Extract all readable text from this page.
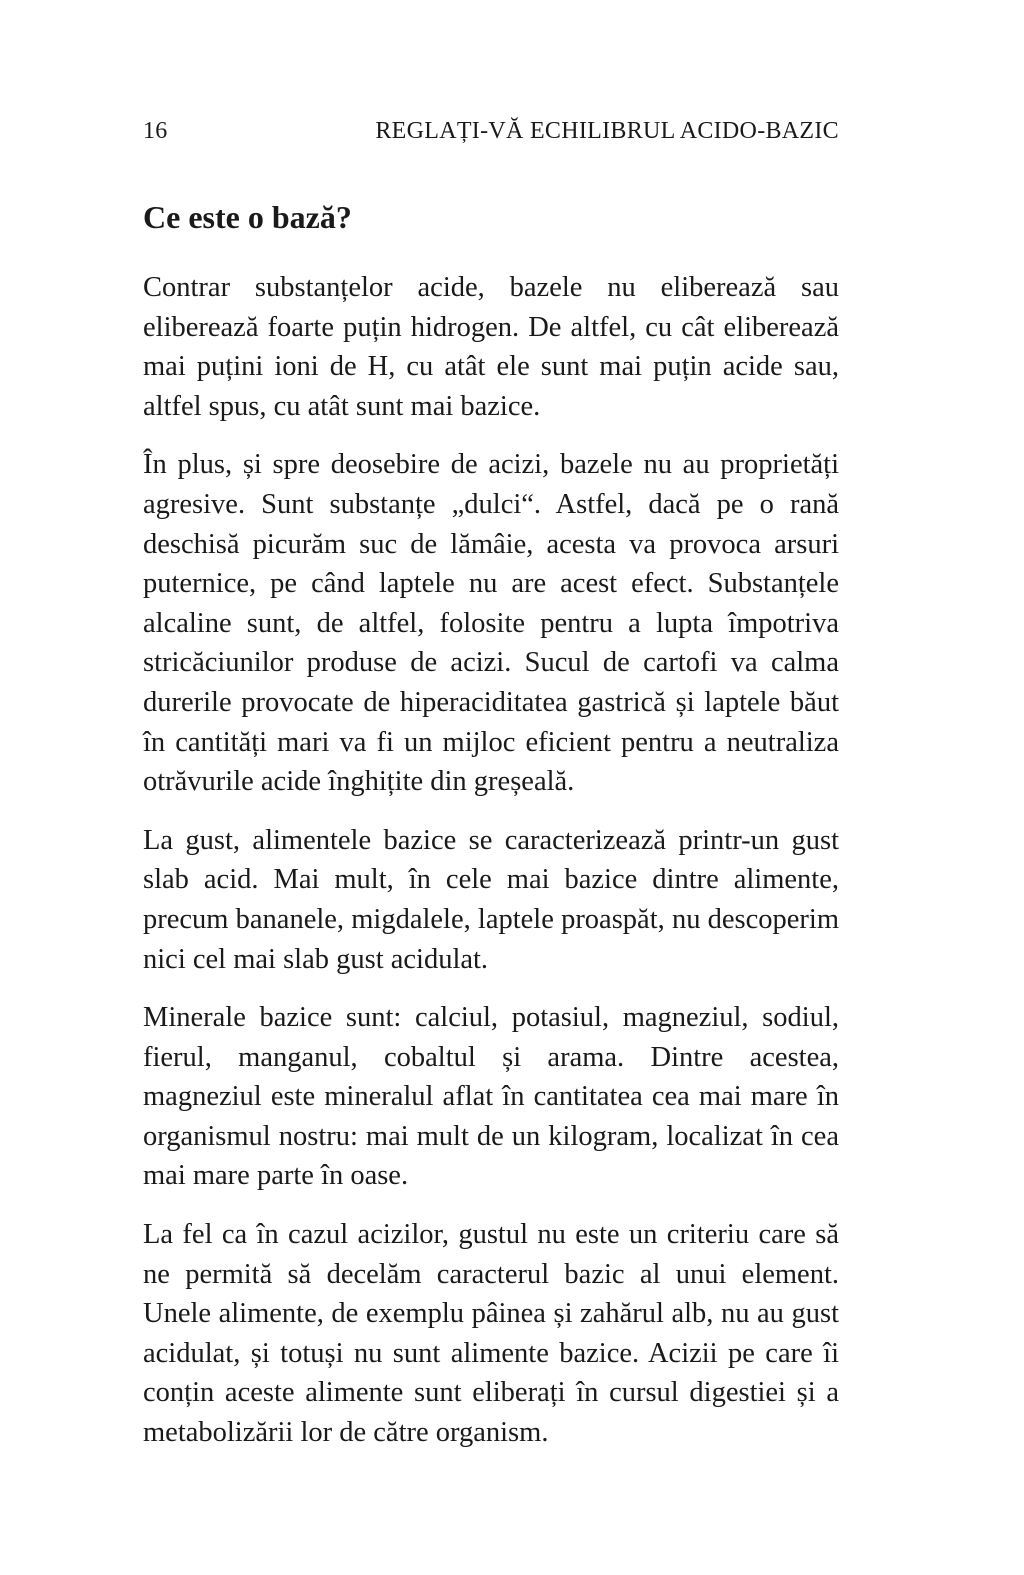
16	REGLAȚI-VĂ ECHILIBRUL ACIDO-BAZIC
Ce este o bază?

Contrar substanțelor acide, bazele nu eliberează sau eliberează foarte puțin hidrogen. De altfel, cu cât eliberează mai puțini ioni de H, cu atât ele sunt mai puțin acide sau, altfel spus, cu atât sunt mai bazice.

În plus, și spre deosebire de acizi, bazele nu au proprietăți agresive. Sunt substanțe „dulci“. Astfel, dacă pe o rană deschisă picurăm suc de lămâie, acesta va provoca arsuri puternice, pe când laptele nu are acest efect. Substanțele alcaline sunt, de altfel, folosite pentru a lupta împotriva stricăciunilor produse de acizi. Sucul de cartofi va calma durerile provocate de hiperaciditatea gastrică și laptele băut în cantități mari va fi un mijloc eficient pentru a neutraliza otrăvurile acide înghițite din greșeală.

La gust, alimentele bazice se caracterizează printr-un gust slab acid. Mai mult, în cele mai bazice dintre alimente, precum bananele, migdalele, laptele proaspăt, nu descoperim nici cel mai slab gust acidulat.

Minerale bazice sunt: calciul, potasiul, magneziul, sodiul, fierul, manganul, cobaltul și arama. Dintre acestea, magneziul este mineralul aflat în cantitatea cea mai mare în organismul nostru: mai mult de un kilogram, localizat în cea mai mare parte în oase.

La fel ca în cazul acizilor, gustul nu este un criteriu care să ne permită să decelăm caracterul bazic al unui element. Unele alimente, de exemplu pâinea și zahărul alb, nu au gust acidulat, și totuși nu sunt alimente bazice. Acizii pe care îi conțin aceste alimente sunt eliberați în cursul digestiei și a metabolizării lor de către organism.
